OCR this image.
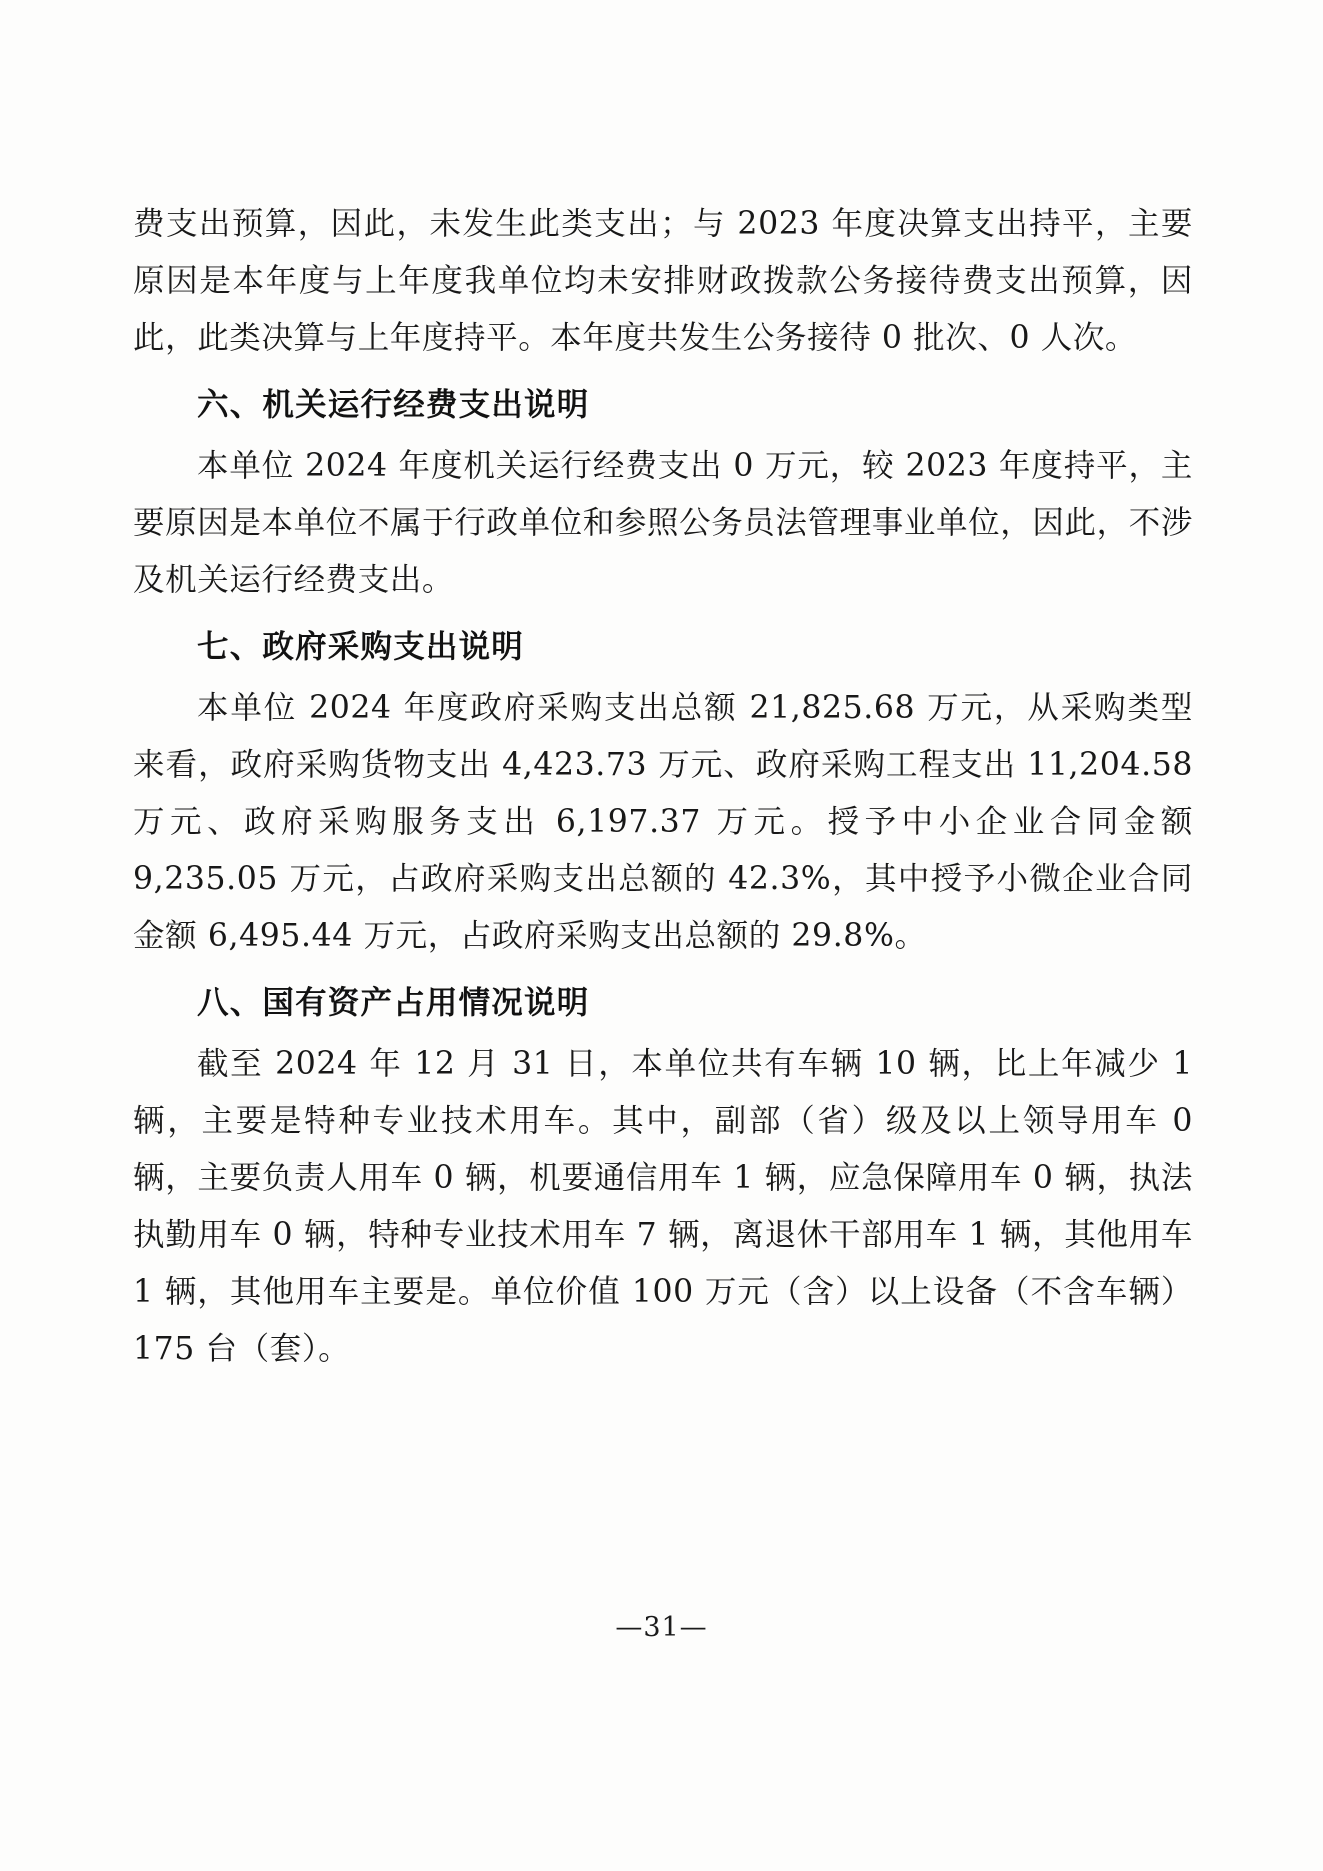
费支出预算，因此，未发生此类支出；与 2023 年度决算支出持平，主要原因是本年度与上年度我单位均未安排财政拨款公务接待费支出预算，因此，此类决算与上年度持平。本年度共发生公务接待 0 批次、0 人次。

六、机关运行经费支出说明

本单位 2024 年度机关运行经费支出 0 万元，较 2023 年度持平，主要原因是本单位不属于行政单位和参照公务员法管理事业单位，因此，不涉及机关运行经费支出。

七、政府采购支出说明

本单位 2024 年度政府采购支出总额 21,825.68 万元，从采购类型来看，政府采购货物支出 4,423.73 万元、政府采购工程支出 11,204.58 万元、政府采购服务支出 6,197.37 万元。授予中小企业合同金额 9,235.05 万元，占政府采购支出总额的 42.3%，其中授予小微企业合同金额 6,495.44 万元，占政府采购支出总额的 29.8%。

八、国有资产占用情况说明

截至 2024 年 12 月 31 日，本单位共有车辆 10 辆，比上年减少 1 辆，主要是特种专业技术用车。其中，副部（省）级及以上领导用车 0 辆，主要负责人用车 0 辆，机要通信用车 1 辆，应急保障用车 0 辆，执法执勤用车 0 辆，特种专业技术用车 7 辆，离退休干部用车 1 辆，其他用车 1 辆，其他用车主要是。单位价值 100 万元（含）以上设备（不含车辆）175 台（套）。

—31—
